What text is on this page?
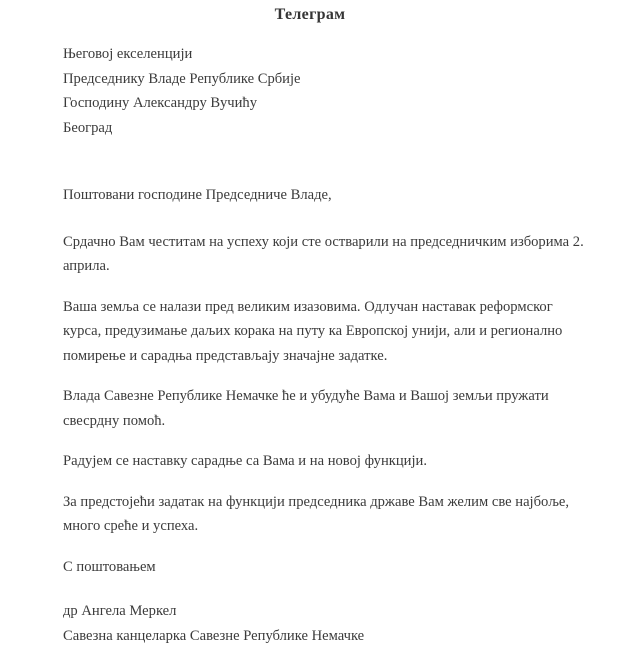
Телеграм
Његовој екселенцији
Председнику Владе Републике Србије
Господину Александру Вучићу
Београд

Поштовани господине Председниче Владе,

Срдачно Вам честитам на успеху који сте остварили на председничким изборима 2. априла.

Ваша земља се налази пред великим изазовима. Одлучан наставак реформског курса, предузимање даљих корака на путу ка Европској унији, али и регионално помирење и сарадња представљају значајне задатке.

Влада Савезне Републике Немачке ће и убудуће Вама и Вашој земљи пружати свесрдну помоћ.

Радујем се наставку сарадње са Вама и на новој функцији.

За предстојећи задатак на функцији председника државе Вам желим све најбоље, много среће и успеха.

С поштовањем

др Ангела Меркел
Савезна канцеларка Савезне Републике Немачке
